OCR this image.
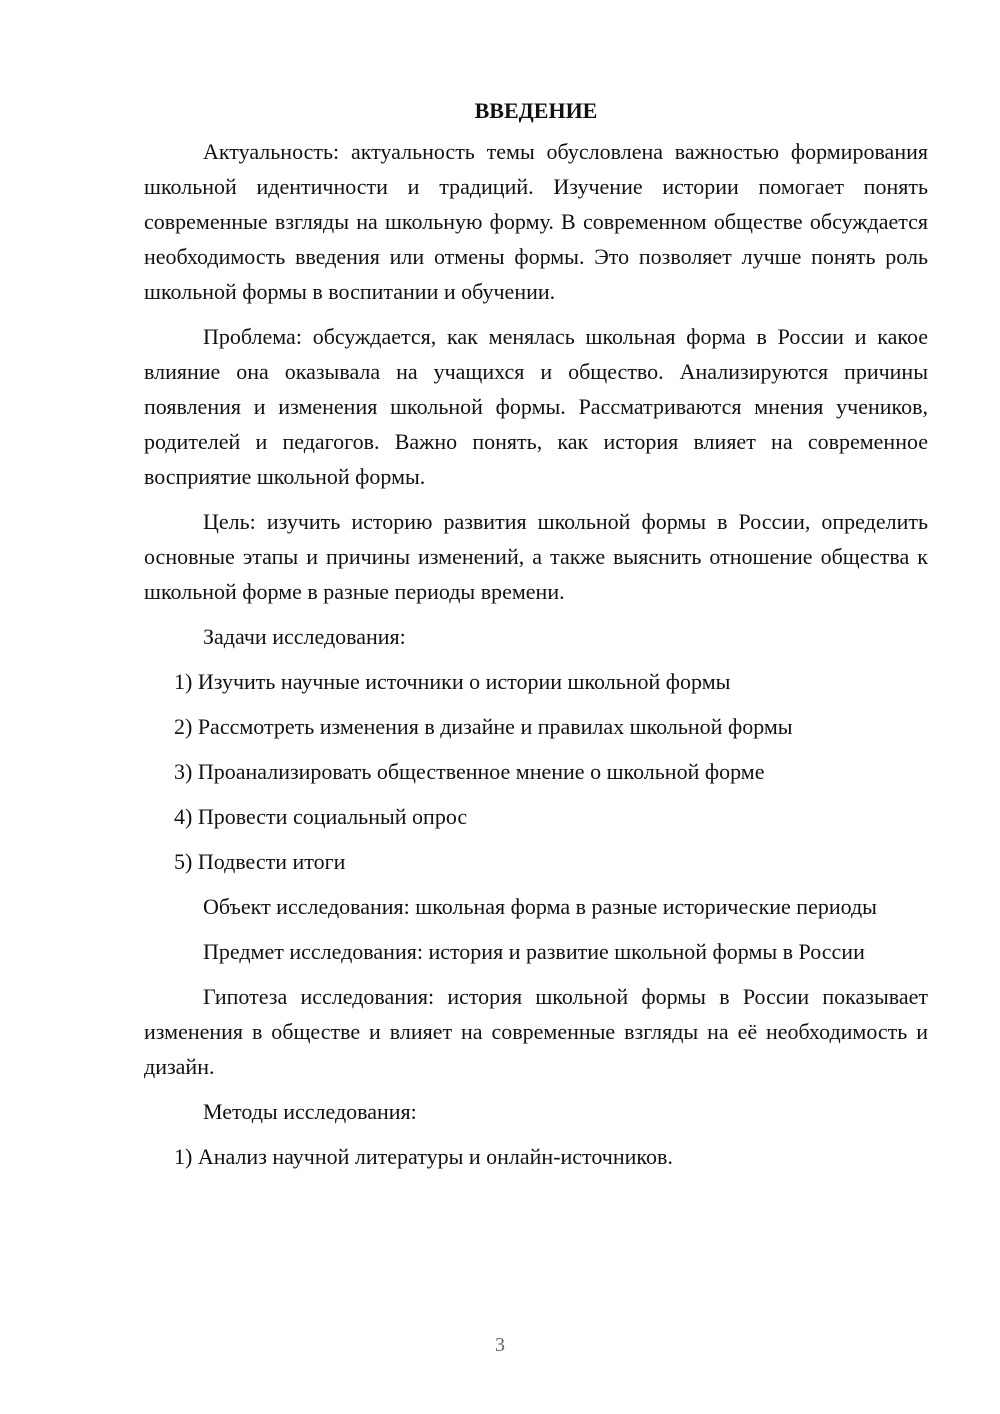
ВВЕДЕНИЕ

Актуальность: актуальность темы обусловлена важностью формирования школьной идентичности и традиций. Изучение истории помогает понять современные взгляды на школьную форму. В современном обществе обсуждается необходимость введения или отмены формы. Это позволяет лучше понять роль школьной формы в воспитании и обучении.

Проблема: обсуждается, как менялась школьная форма в России и какое влияние она оказывала на учащихся и общество. Анализируются причины появления и изменения школьной формы. Рассматриваются мнения учеников, родителей и педагогов. Важно понять, как история влияет на современное восприятие школьной формы.

Цель: изучить историю развития школьной формы в России, определить основные этапы и причины изменений, а также выяснить отношение общества к школьной форме в разные периоды времени.

Задачи исследования:
1) Изучить научные источники о истории школьной формы
2) Рассмотреть изменения в дизайне и правилах школьной формы
3) Проанализировать общественное мнение о школьной форме
4) Провести социальный опрос
5) Подвести итоги

Объект исследования: школьная форма в разные исторические периоды

Предмет исследования: история и развитие школьной формы в России

Гипотеза исследования: история школьной формы в России показывает изменения в обществе и влияет на современные взгляды на её необходимость и дизайн.

Методы исследования:
1) Анализ научной литературы и онлайн-источников.
3
